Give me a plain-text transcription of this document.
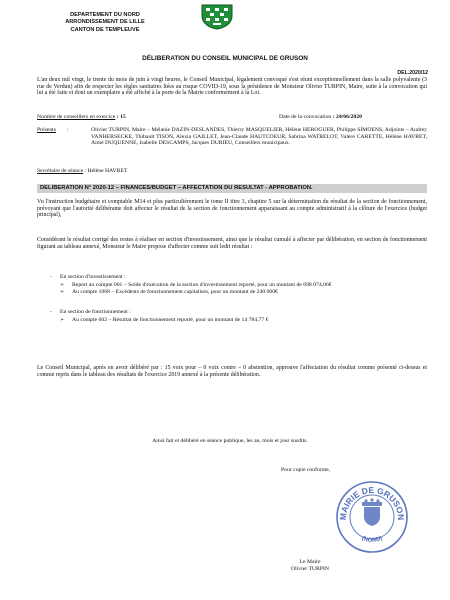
DEPARTEMENT DU NORD
ARRONDISSEMENT DE LILLE
CANTON DE TEMPLEUVE
DÉLIBERATION DU CONSEIL MUNICIPAL DE GRUSON
DEL.2020/12
L'an deux mil vingt, le trente du mois de juin à vingt heures, le Conseil Municipal, légalement convoqué s'est réuni exceptionnellement dans la salle polyvalente (3 rue de Verdun) afin de respecter les règles sanitaires liées au risque COVID-19, sous la présidence de Monsieur Olivier TURPIN, Maire, suite à la convocation qui lui a été faite et dont un exemplaire a été affiché à la porte de la Mairie conformément à la Loi.
Nombre de conseillers en exercice : 15	Date de la convocation : 24/06/2020
Présents :	Olivier TURPIN, Maire – Mélanie DAZIN-DESLANDES, Thierry MASQUELIER, Hélène HEROGUER, Philippe SIMOENS, Adjoints – Audrey VANHERSECKE, Thibault TISON, Alexia GAILLET, Jean-Claude HAUTCOEUR, Sabrina WATRELOT, Valère CARETTE, Hélène HAVRET, Aimé DUQUENNE, Isabelle DESCAMPS, Jacques DURIEU, Conseillers municipaux.
Secrétaire de séance : Hélène HAVRET
DELIBERATION N° 2020-12 – FINANCES/BUDGET – AFFECTATION DU RESULTAT - APPROBATION.
Vu l'instruction budgétaire et comptable M14 et plus particulièrement le tome II titre 3, chapitre 5 sur la détermination du résultat de la section de fonctionnement, prévoyant que l'autorité délibérante doit affecter le résultat de la section de fonctionnement apparaissant au compte administratif à la clôture de l'exercice (budget principal),
Considérant le résultat corrigé des restes à réaliser en section d'investissement, ainsi que le résultat cumulé à affecter par délibération, en section de fonctionnement figurant au tableau annexé, Monsieur le Maire propose d'affecter comme suit ledit résultat :
- En section d'investissement :
➢ Report au compte 001 – Solde d'exécution de la section d'investissement reporté, pour un montant de 698 074,06€
➢ Au compte 1068 – Excédents de fonctionnement capitalisés, pour un montant de 240 000€
- En section de fonctionnement :
➢ Au compte 002 – Résultat de fonctionnement reporté, pour un montant de 14 784,77 €
Le Conseil Municipal, après en avoir délibéré par : 15 voix pour – 0 voix contre – 0 abstention, approuve l'affectation du résultat comme présenté ci-dessus et comme repris dans le tableau des résultats de l'exercice 2019 annexé à la présente délibération.
Ainsi fait et délibéré en séance publique, les an, mois et jour susdits.
Pour copie conforme,
MAIRIE DE GRUSON
(NORD)
Le Maire
Olivier TURPIN
